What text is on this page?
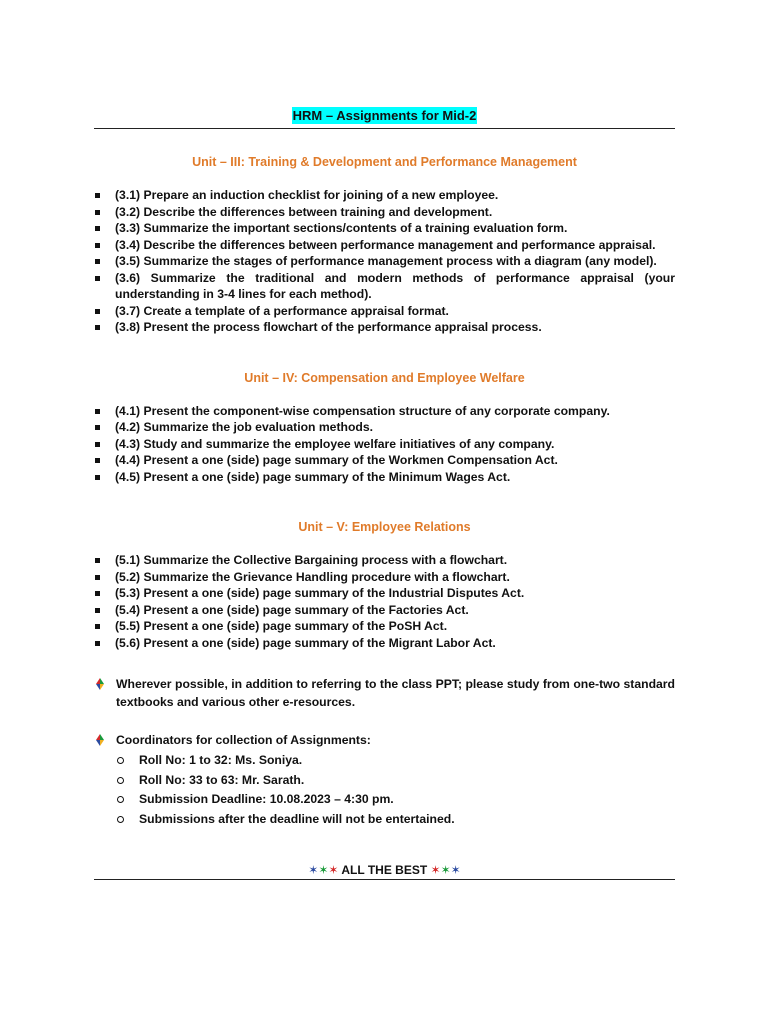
HRM – Assignments for Mid-2
Unit – III: Training & Development and Performance Management
(3.1) Prepare an induction checklist for joining of a new employee.
(3.2) Describe the differences between training and development.
(3.3) Summarize the important sections/contents of a training evaluation form.
(3.4) Describe the differences between performance management and performance appraisal.
(3.5) Summarize the stages of performance management process with a diagram (any model).
(3.6) Summarize the traditional and modern methods of performance appraisal (your understanding in 3-4 lines for each method).
(3.7) Create a template of a performance appraisal format.
(3.8) Present the process flowchart of the performance appraisal process.
Unit – IV: Compensation and Employee Welfare
(4.1) Present the component-wise compensation structure of any corporate company.
(4.2) Summarize the job evaluation methods.
(4.3) Study and summarize the employee welfare initiatives of any company.
(4.4) Present a one (side) page summary of the Workmen Compensation Act.
(4.5) Present a one (side) page summary of the Minimum Wages Act.
Unit – V: Employee Relations
(5.1) Summarize the Collective Bargaining process with a flowchart.
(5.2) Summarize the Grievance Handling procedure with a flowchart.
(5.3) Present a one (side) page summary of the Industrial Disputes Act.
(5.4) Present a one (side) page summary of the Factories Act.
(5.5) Present a one (side) page summary of the PoSH Act.
(5.6) Present a one (side) page summary of the Migrant Labor Act.
Wherever possible, in addition to referring to the class PPT; please study from one-two standard textbooks and various other e-resources.
Coordinators for collection of Assignments:
Roll No: 1 to 32: Ms. Soniya.
Roll No: 33 to 63: Mr. Sarath.
Submission Deadline: 10.08.2023 – 4:30 pm.
Submissions after the deadline will not be entertained.
✶✶✶ ALL THE BEST ✶✶✶
